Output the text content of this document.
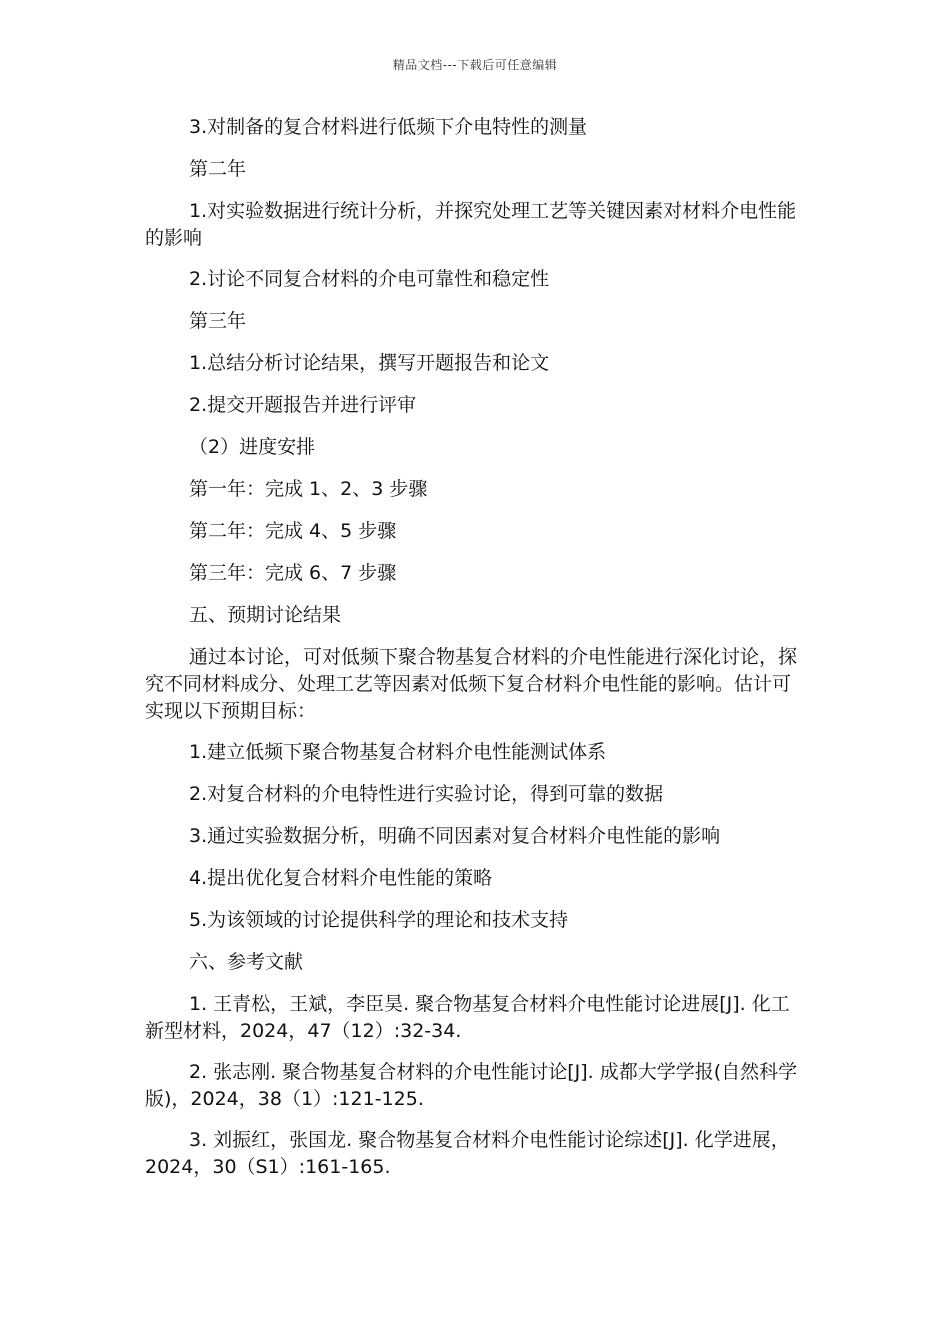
精品文档---下载后可任意编辑

3.对制备的复合材料进行低频下介电特性的测量

第二年

1.对实验数据进行统计分析，并探究处理工艺等关键因素对材料介电性能的影响

2.讨论不同复合材料的介电可靠性和稳定性

第三年

1.总结分析讨论结果，撰写开题报告和论文

2.提交开题报告并进行评审

（2）进度安排

第一年：完成 1、2、3 步骤

第二年：完成 4、5 步骤

第三年：完成 6、7 步骤

五、预期讨论结果

通过本讨论，可对低频下聚合物基复合材料的介电性能进行深化讨论，探究不同材料成分、处理工艺等因素对低频下复合材料介电性能的影响。估计可实现以下预期目标：

1.建立低频下聚合物基复合材料介电性能测试体系

2.对复合材料的介电特性进行实验讨论，得到可靠的数据

3.通过实验数据分析，明确不同因素对复合材料介电性能的影响

4.提出优化复合材料介电性能的策略

5.为该领域的讨论提供科学的理论和技术支持

六、参考文献

1. 王青松，王斌，李臣昊. 聚合物基复合材料介电性能讨论进展[J]. 化工新型材料，2024，47（12）:32-34.

2. 张志刚. 聚合物基复合材料的介电性能讨论[J]. 成都大学学报(自然科学版)，2024，38（1）:121-125.

3. 刘振红，张国龙. 聚合物基复合材料介电性能讨论综述[J]. 化学进展，2024，30（S1）:161-165.
